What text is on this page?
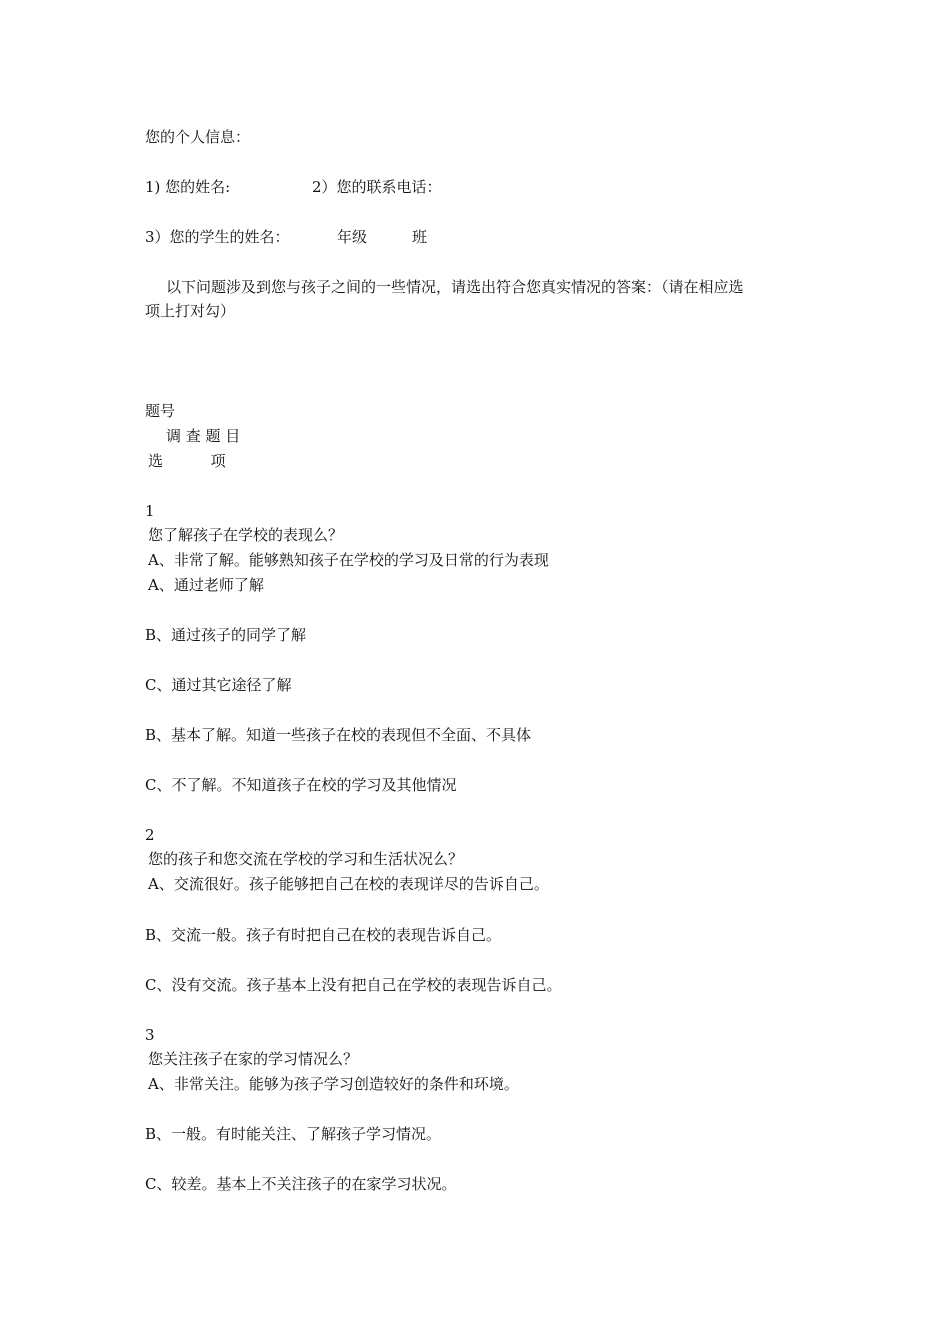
您的个人信息：
1) 您的姓名:	2）您的联系电话：
3）您的学生的姓名：	年级	班
以下问题涉及到您与孩子之间的一些情况，请选出符合您真实情况的答案：（请在相应选
项上打对勾）
题号
调 查 题 目
选          项
1
您了解孩子在学校的表现么？
A、非常了解。能够熟知孩子在学校的学习及日常的行为表现
A、通过老师了解
B、通过孩子的同学了解
C、通过其它途径了解
B、基本了解。知道一些孩子在校的表现但不全面、不具体
C、不了解。不知道孩子在校的学习及其他情况
2
您的孩子和您交流在学校的学习和生活状况么？
A、交流很好。孩子能够把自己在校的表现详尽的告诉自己。
B、交流一般。孩子有时把自己在校的表现告诉自己。
C、没有交流。孩子基本上没有把自己在学校的表现告诉自己。
3
您关注孩子在家的学习情况么？
A、非常关注。能够为孩子学习创造较好的条件和环境。
B、一般。有时能关注、了解孩子学习情况。
C、较差。基本上不关注孩子的在家学习状况。
